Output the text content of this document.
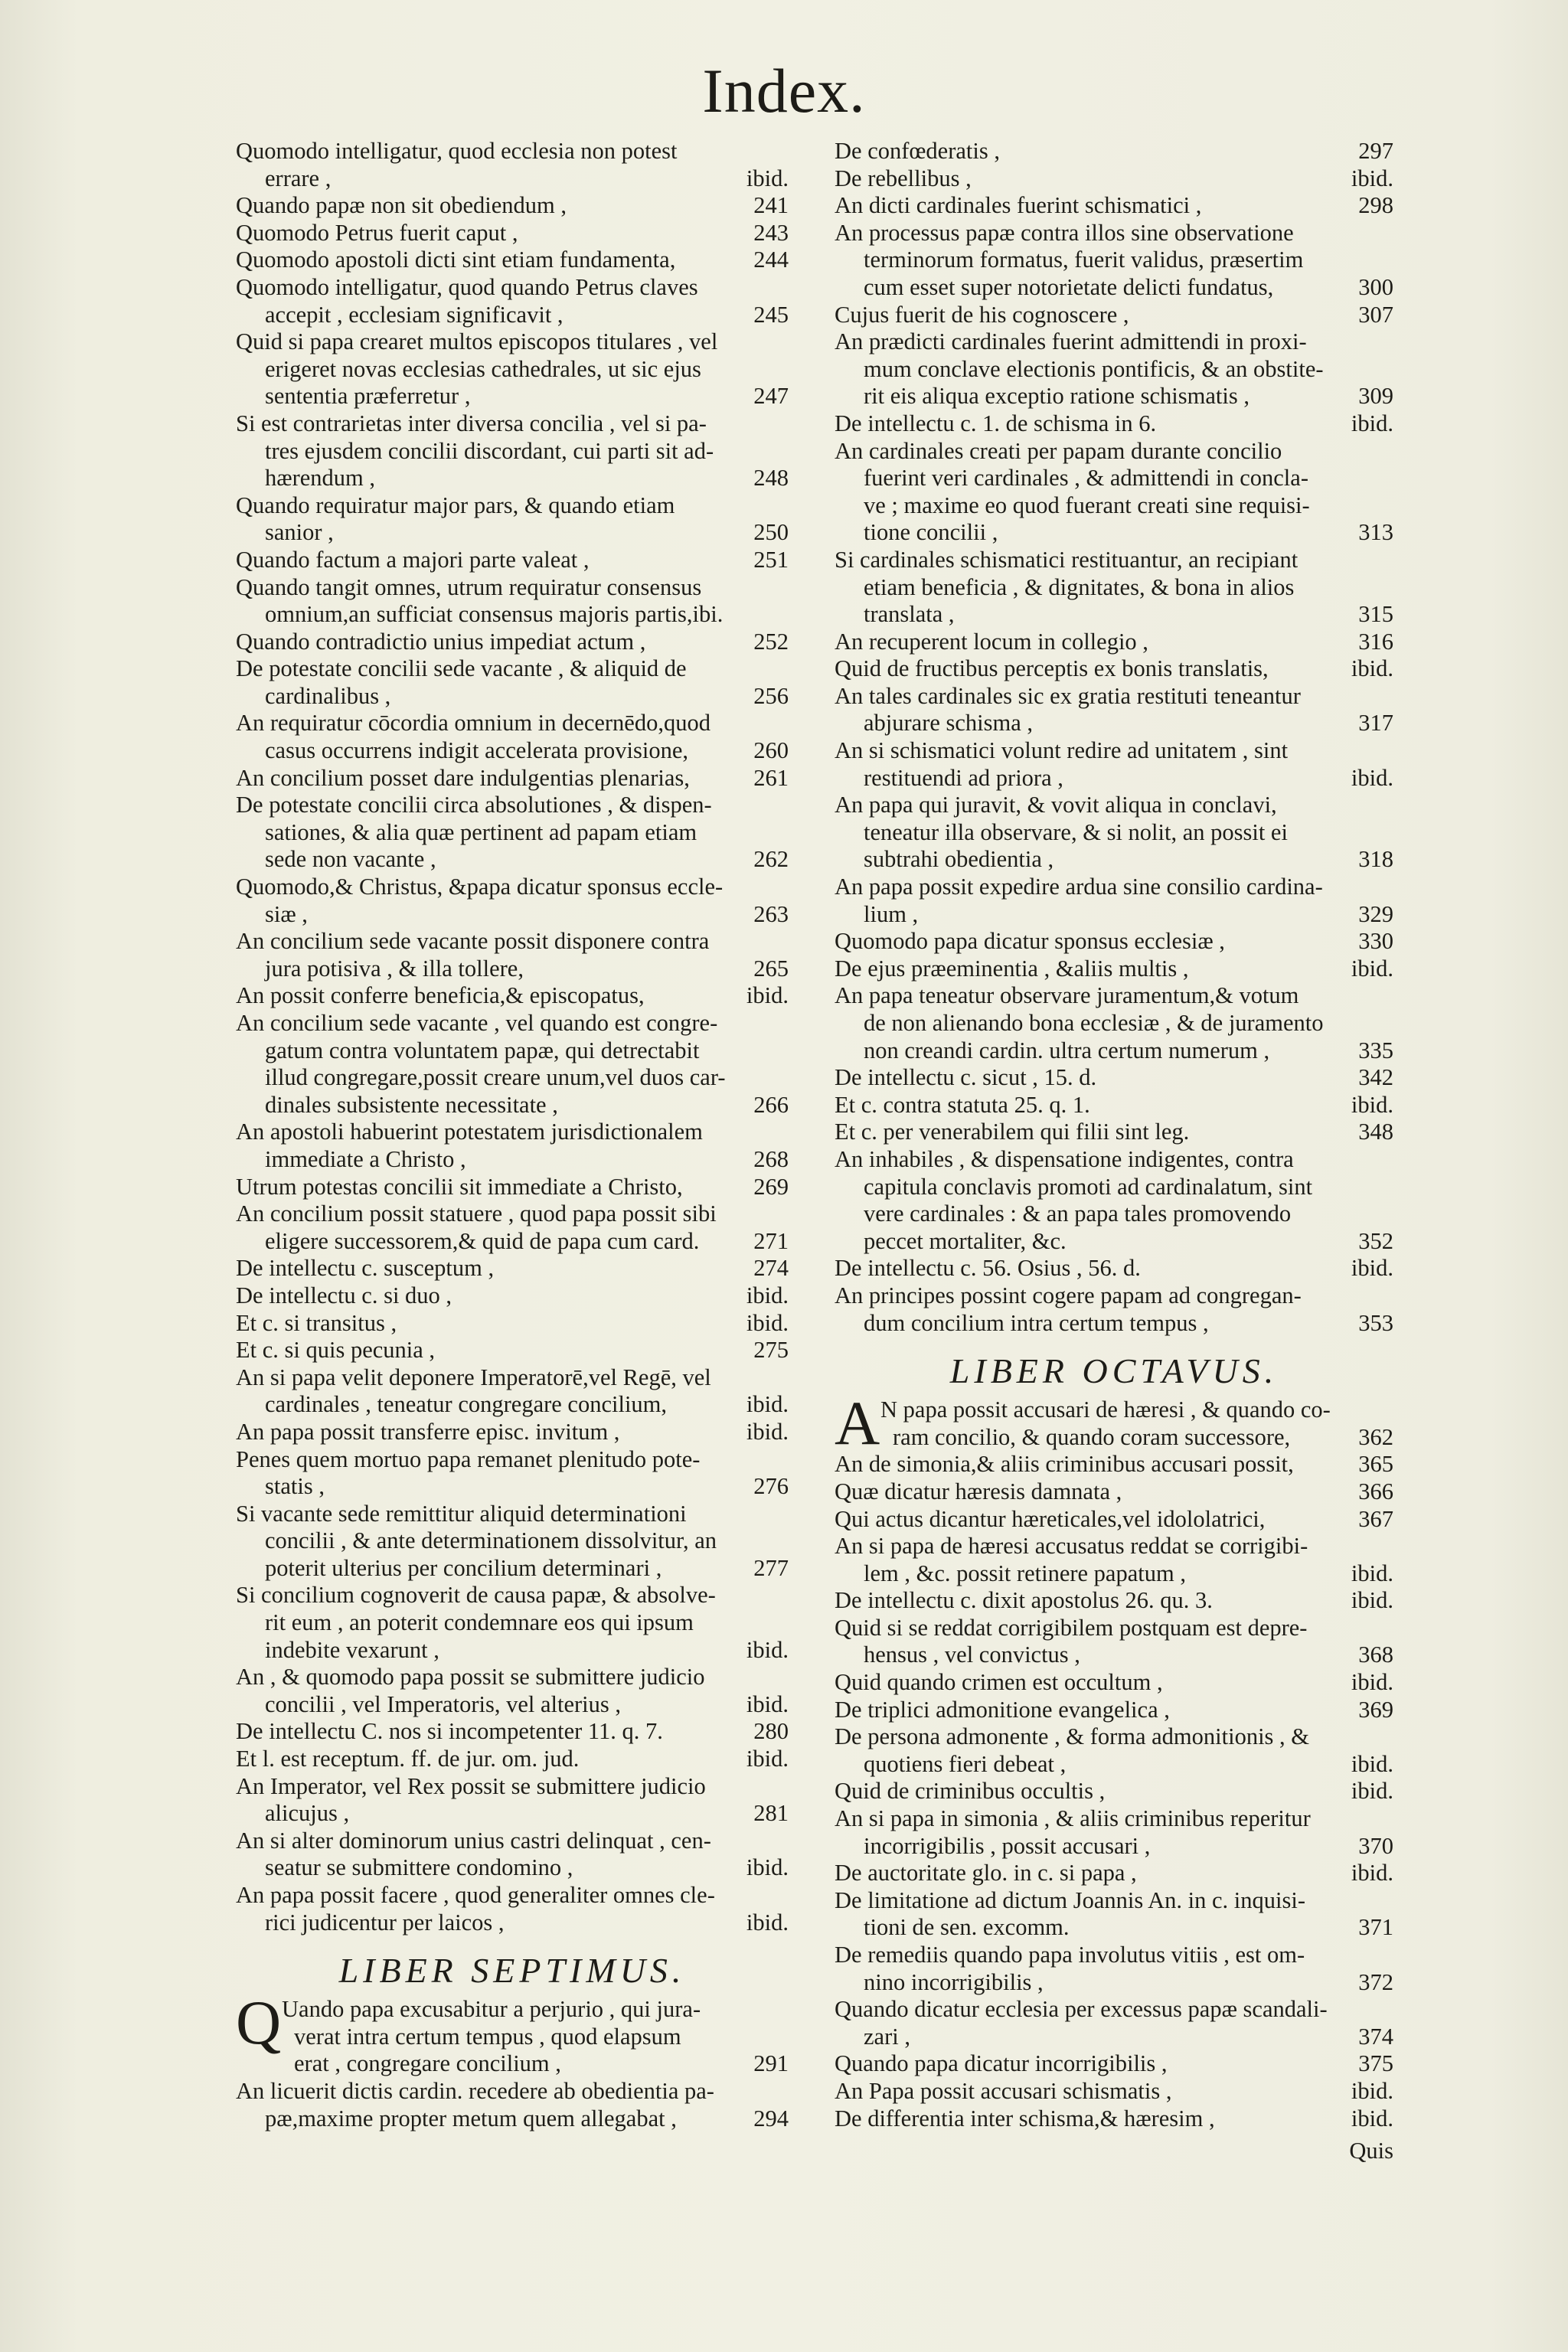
Index.
Quomodo intelligatur, quod ecclesia non potest
errare ,	ibid.
Quando papæ non sit obediendum ,	241
Quomodo Petrus fuerit caput ,	243
Quomodo apostoli dicti sint etiam fundamenta,	244
Quomodo intelligatur, quod quando Petrus claves
accepit , ecclesiam significavit ,	245
Quid si papa crearet multos episcopos titulares , vel
erigeret novas ecclesias cathedrales, ut sic ejus
sententia præferretur ,	247
Si est contrarietas inter diversa concilia , vel si pa-
tres ejusdem concilii discordant, cui parti sit ad-
hærendum ,	248
Quando requiratur major pars, & quando etiam
sanior ,	250
Quando factum a majori parte valeat ,	251
Quando tangit omnes, utrum requiratur consensus
omnium,an sufficiat consensus majoris partis,ibi.
Quando contradictio unius impediat actum ,	252
De potestate concilii sede vacante , & aliquid de
cardinalibus ,	256
An requiratur cōcordia omnium in decernēdo,quod
casus occurrens indigit accelerata provisione,	260
An concilium posset dare indulgentias plenarias,	261
De potestate concilii circa absolutiones , & dispen-
sationes, & alia quæ pertinent ad papam etiam
sede non vacante ,	262
Quomodo,& Christus, &papa dicatur sponsus eccle-
siæ ,	263
An concilium sede vacante possit disponere contra
jura potisiva , & illa tollere,	265
An possit conferre beneficia,& episcopatus,	ibid.
An concilium sede vacante , vel quando est congre-
gatum contra voluntatem papæ, qui detrectabit
illud congregare,possit creare unum,vel duos car-
dinales subsistente necessitate ,	266
An apostoli habuerint potestatem jurisdictionalem
immediate a Christo ,	268
Utrum potestas concilii sit immediate a Christo,	269
An concilium possit statuere , quod papa possit sibi
eligere successorem,& quid de papa cum card.	271
De intellectu c. susceptum ,	274
De intellectu c. si duo ,	ibid.
Et c. si transitus ,	ibid.
Et c. si quis pecunia ,	275
An si papa velit deponere Imperatorē,vel Regē, vel
cardinales , teneatur congregare concilium,	ibid.
An papa possit transferre episc. invitum ,	ibid.
Penes quem mortuo papa remanet plenitudo pote-
statis ,	276
Si vacante sede remittitur aliquid determinationi
concilii , & ante determinationem dissolvitur, an
poterit ulterius per concilium determinari ,	277
Si concilium cognoverit de causa papæ, & absolve-
rit eum , an poterit condemnare eos qui ipsum
indebite vexarunt ,	ibid.
An , & quomodo papa possit se submittere judicio
concilii , vel Imperatoris, vel alterius ,	ibid.
De intellectu C. nos si incompetenter 11. q. 7.	280
Et l. est receptum. ff. de jur. om. jud.	ibid.
An Imperator, vel Rex possit se submittere judicio
alicujus ,	281
An si alter dominorum unius castri delinquat , cen-
seatur se submittere condomino ,	ibid.
An papa possit facere , quod generaliter omnes cle-
rici judicentur per laicos ,	ibid.
LIBER SEPTIMUS.
Q Uando papa excusabitur a perjurio , qui jura-
verat intra certum tempus , quod elapsum
erat , congregare concilium ,	291
An licuerit dictis cardin. recedere ab obedientia pa-
pæ,maxime propter metum quem allegabat ,	294
De confœderatis ,	297
De rebellibus ,	ibid.
An dicti cardinales fuerint schismatici ,	298
An processus papæ contra illos sine observatione
terminorum formatus, fuerit validus, præsertim
cum esset super notorietate delicti fundatus,	300
Cujus fuerit de his cognoscere ,	307
An prædicti cardinales fuerint admittendi in proxi-
mum conclave electionis pontificis, & an obstite-
rit eis aliqua exceptio ratione schismatis ,	309
De intellectu c. 1. de schisma in 6.	ibid.
An cardinales creati per papam durante concilio
fuerint veri cardinales , & admittendi in concla-
ve ; maxime eo quod fuerant creati sine requisi-
tione concilii ,	313
Si cardinales schismatici restituantur, an recipiant
etiam beneficia , & dignitates, & bona in alios
translata ,	315
An recuperent locum in collegio ,	316
Quid de fructibus perceptis ex bonis translatis,	ibid.
An tales cardinales sic ex gratia restituti teneantur
abjurare schisma ,	317
An si schismatici volunt redire ad unitatem , sint
restituendi ad priora ,	ibid.
An papa qui juravit, & vovit aliqua in conclavi,
teneatur illa observare, & si nolit, an possit ei
subtrahi obedientia ,	318
An papa possit expedire ardua sine consilio cardina-
lium ,	329
Quomodo papa dicatur sponsus ecclesiæ ,	330
De ejus præeminentia , &aliis multis ,	ibid.
An papa teneatur observare juramentum,& votum
de non alienando bona ecclesiæ , & de juramento
non creandi cardin. ultra certum numerum ,	335
De intellectu c. sicut , 15. d.	342
Et c. contra statuta 25. q. 1.	ibid.
Et c. per venerabilem qui filii sint leg.	348
An inhabiles , & dispensatione indigentes, contra
capitula conclavis promoti ad cardinalatum, sint
vere cardinales : & an papa tales promovendo
peccet mortaliter, &c.	352
De intellectu c. 56. Osius , 56. d.	ibid.
An principes possint cogere papam ad congregan-
dum concilium intra certum tempus ,	353
LIBER OCTAVUS.
A N papa possit accusari de hæresi , & quando co-
ram concilio, & quando coram successore,	362
An de simonia,& aliis criminibus accusari possit,	365
Quæ dicatur hæresis damnata ,	366
Qui actus dicantur hæreticales,vel idololatrici,	367
An si papa de hæresi accusatus reddat se corrigibi-
lem , &c. possit retinere papatum ,	ibid.
De intellectu c. dixit apostolus 26. qu. 3.	ibid.
Quid si se reddat corrigibilem postquam est depre-
hensus , vel convictus ,	368
Quid quando crimen est occultum ,	ibid.
De triplici admonitione evangelica ,	369
De persona admonente , & forma admonitionis , &
quotiens fieri debeat ,	ibid.
Quid de criminibus occultis ,	ibid.
An si papa in simonia , & aliis criminibus reperitur
incorrigibilis , possit accusari ,	370
De auctoritate glo. in c. si papa ,	ibid.
De limitatione ad dictum Joannis An. in c. inquisi-
tioni de sen. excomm.	371
De remediis quando papa involutus vitiis , est om-
nino incorrigibilis ,	372
Quando dicatur ecclesia per excessus papæ scandali-
zari ,	374
Quando papa dicatur incorrigibilis ,	375
An Papa possit accusari schismatis ,	ibid.
De differentia inter schisma,& hæresim ,	ibid.
Quis
